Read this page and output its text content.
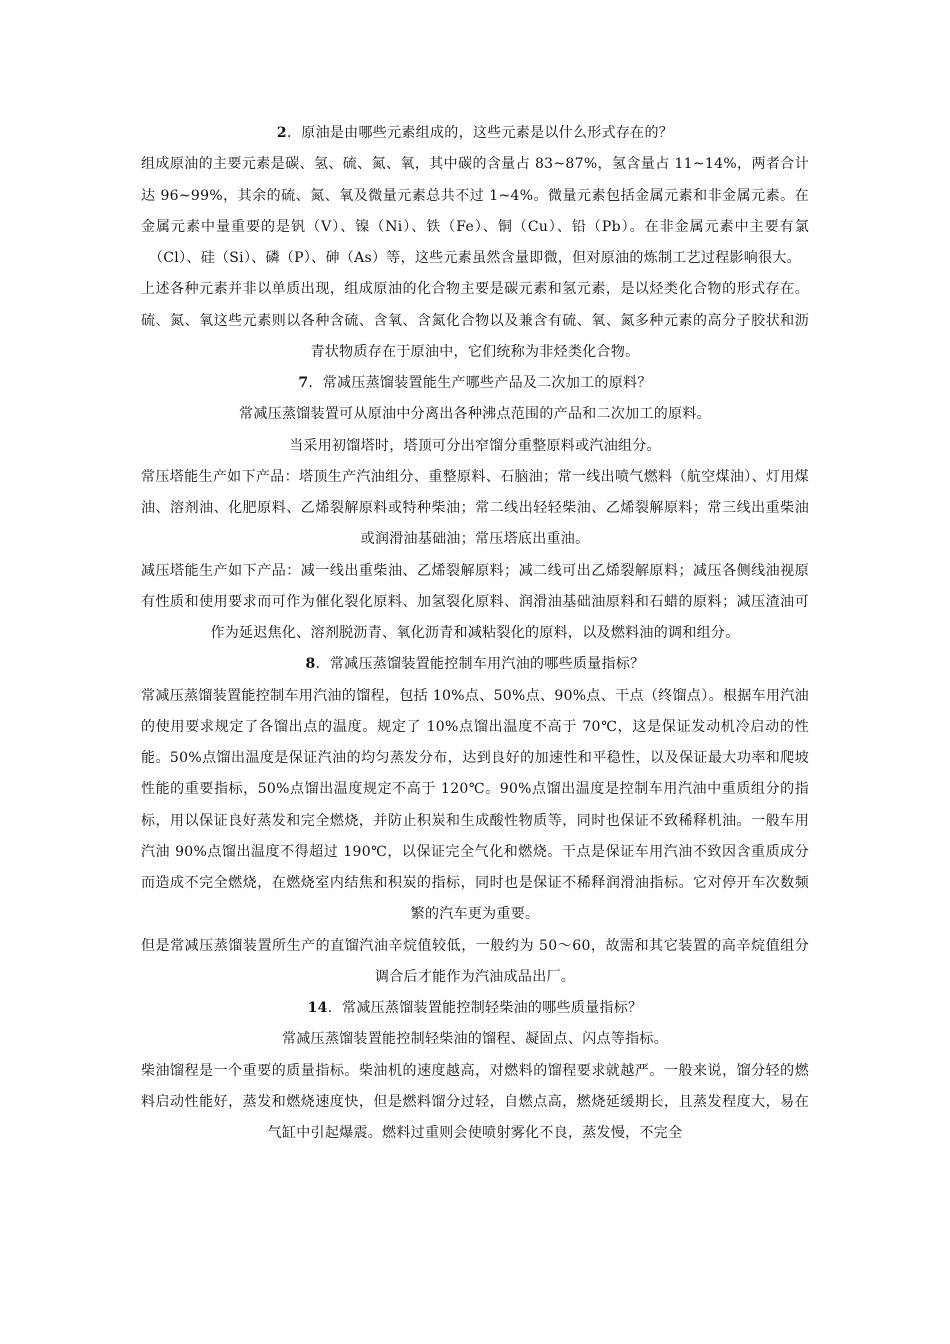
2．原油是由哪些元素组成的，这些元素是以什么形式存在的？

组成原油的主要元素是碳、氢、硫、氮、氧，其中碳的含量占 83~87%，氢含量占 11~14%，两者合计达 96~99%，其余的硫、氮、氧及微量元素总共不过 1~4%。微量元素包括金属元素和非金属元素。在金属元素中量重要的是钒（V）、镍（Ni）、铁（Fe）、铜（Cu）、铅（Pb）。在非金属元素中主要有氯（Cl）、硅（Si）、磷（P）、砷（As）等，这些元素虽然含量即微，但对原油的炼制工艺过程影响很大。

上述各种元素并非以单质出现，组成原油的化合物主要是碳元素和氢元素，是以烃类化合物的形式存在。硫、氮、氧这些元素则以各种含硫、含氧、含氮化合物以及兼含有硫、氧、氮多种元素的高分子胶状和沥青状物质存在于原油中，它们统称为非烃类化合物。

7．常减压蒸馏装置能生产哪些产品及二次加工的原料？

常减压蒸馏装置可从原油中分离出各种沸点范围的产品和二次加工的原料。

当采用初馏塔时，塔顶可分出窄馏分重整原料或汽油组分。

常压塔能生产如下产品：塔顶生产汽油组分、重整原料、石脑油；常一线出喷气燃料（航空煤油）、灯用煤油、溶剂油、化肥原料、乙烯裂解原料或特种柴油；常二线出轻轻柴油、乙烯裂解原料；常三线出重柴油或润滑油基础油；常压塔底出重油。

减压塔能生产如下产品：减一线出重柴油、乙烯裂解原料；减二线可出乙烯裂解原料；减压各侧线油视原有性质和使用要求而可作为催化裂化原料、加氢裂化原料、润滑油基础油原料和石蜡的原料；减压渣油可作为延迟焦化、溶剂脱沥青、氧化沥青和减粘裂化的原料，以及燃料油的调和组分。

8．常减压蒸馏装置能控制车用汽油的哪些质量指标？

常减压蒸馏装置能控制车用汽油的馏程，包括 10%点、50%点、90%点、干点（终馏点）。根据车用汽油的使用要求规定了各馏出点的温度。规定了 10%点馏出温度不高于 70℃，这是保证发动机冷启动的性能。50%点馏出温度是保证汽油的均匀蒸发分布，达到良好的加速性和平稳性，以及保证最大功率和爬坡性能的重要指标，50%点馏出温度规定不高于 120℃。90%点馏出温度是控制车用汽油中重质组分的指标，用以保证良好蒸发和完全燃烧，并防止积炭和生成酸性物质等，同时也保证不致稀释机油。一般车用汽油 90%点馏出温度不得超过 190℃，以保证完全气化和燃烧。干点是保证车用汽油不致因含重质成分而造成不完全燃烧，在燃烧室内结焦和积炭的指标，同时也是保证不稀释润滑油指标。它对停开车次数频繁的汽车更为重要。

但是常减压蒸馏装置所生产的直馏汽油辛烷值较低，一般约为 50～60，故需和其它装置的高辛烷值组分调合后才能作为汽油成品出厂。

14．常减压蒸馏装置能控制轻柴油的哪些质量指标？

常减压蒸馏装置能控制轻柴油的馏程、凝固点、闪点等指标。

柴油馏程是一个重要的质量指标。柴油机的速度越高，对燃料的馏程要求就越严。一般来说，馏分轻的燃料启动性能好，蒸发和燃烧速度快，但是燃料馏分过轻，自燃点高，燃烧延缓期长，且蒸发程度大，易在气缸中引起爆震。燃料过重则会使喷射雾化不良，蒸发慢，不完全
